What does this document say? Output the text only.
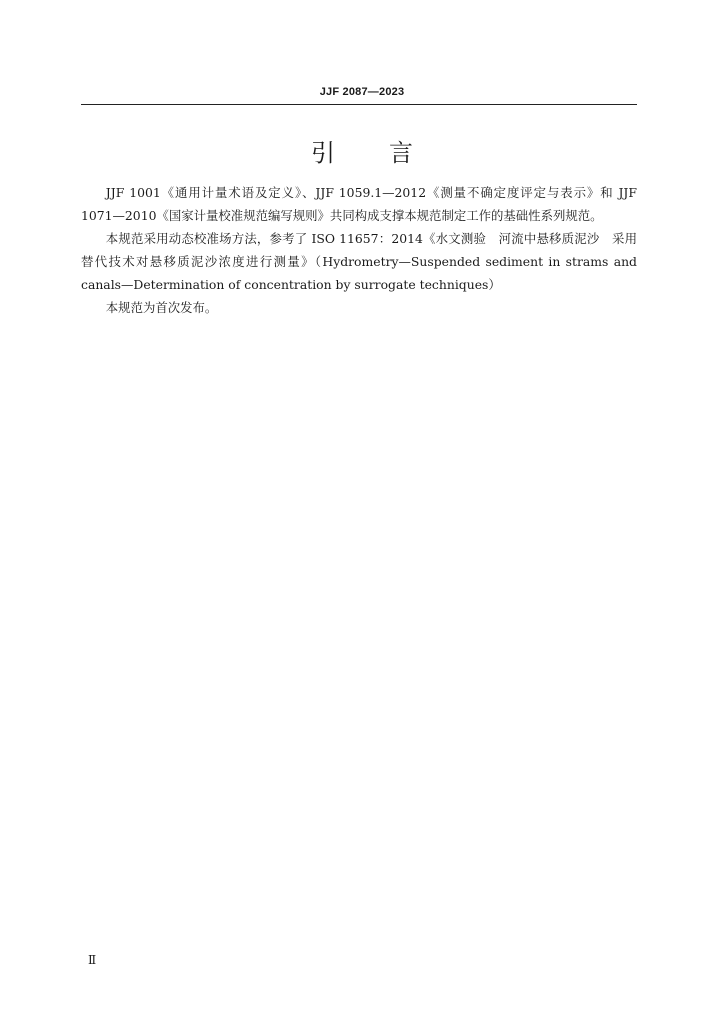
JJF 2087—2023
引 言

JJF 1001《通用计量术语及定义》、JJF 1059.1—2012《测量不确定度评定与表示》和 JJF 1071—2010《国家计量校准规范编写规则》共同构成支撑本规范制定工作的基础性系列规范。

本规范采用动态校准场方法，参考了 ISO 11657：2014《水文测验　河流中悬移质泥沙　采用替代技术对悬移质泥沙浓度进行测量》（Hydrometry—Suspended sediment in strams and canals—Determination of concentration by surrogate techniques）

本规范为首次发布。

Ⅱ
